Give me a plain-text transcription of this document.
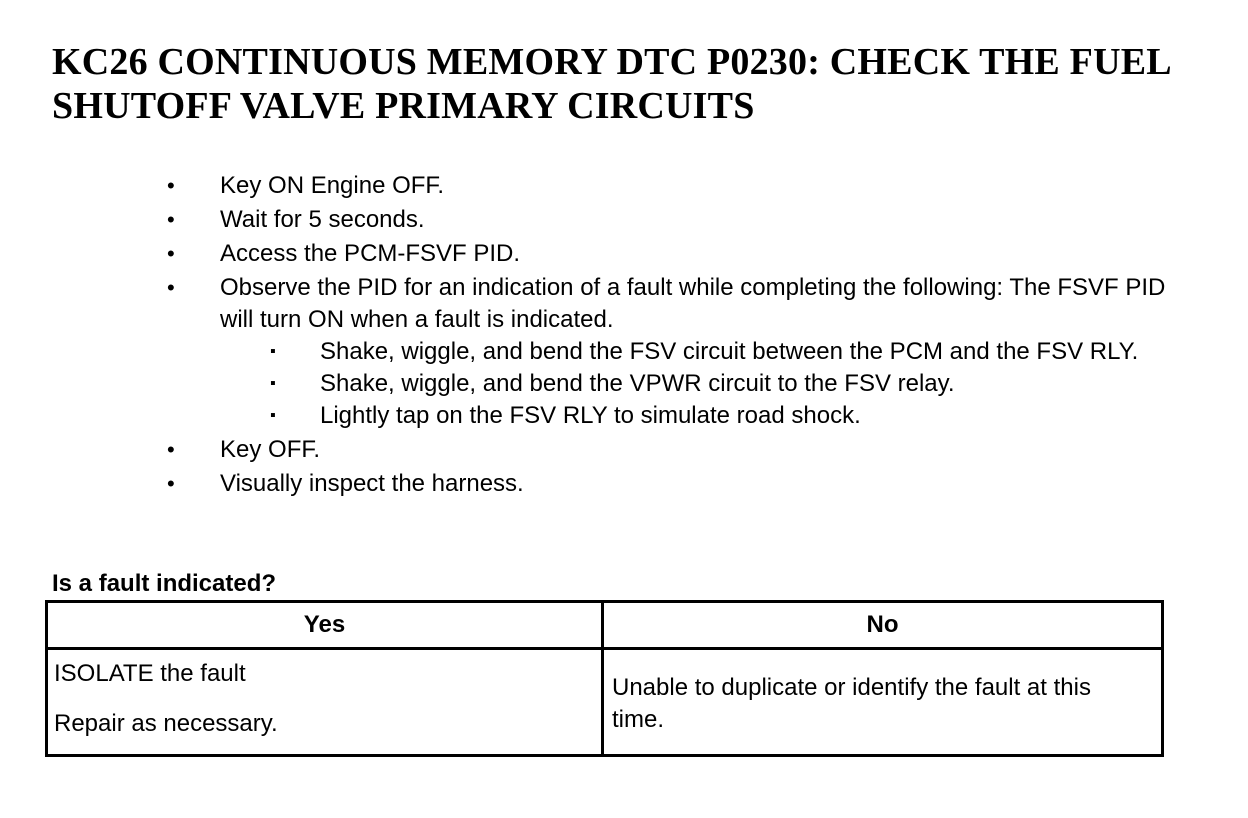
KC26 CONTINUOUS MEMORY DTC P0230: CHECK THE FUEL SHUTOFF VALVE PRIMARY CIRCUITS
• Key ON Engine OFF.
• Wait for 5 seconds.
• Access the PCM-FSVF PID.
• Observe the PID for an indication of a fault while completing the following: The FSVF PID will turn ON when a fault is indicated.
▪ Shake, wiggle, and bend the FSV circuit between the PCM and the FSV RLY.
▪ Shake, wiggle, and bend the VPWR circuit to the FSV relay.
▪ Lightly tap on the FSV RLY to simulate road shock.
• Key OFF.
• Visually inspect the harness.

Is a fault indicated?

Yes	No

ISOLATE the fault
Repair as necessary.	Unable to duplicate or identify the fault at this time.
